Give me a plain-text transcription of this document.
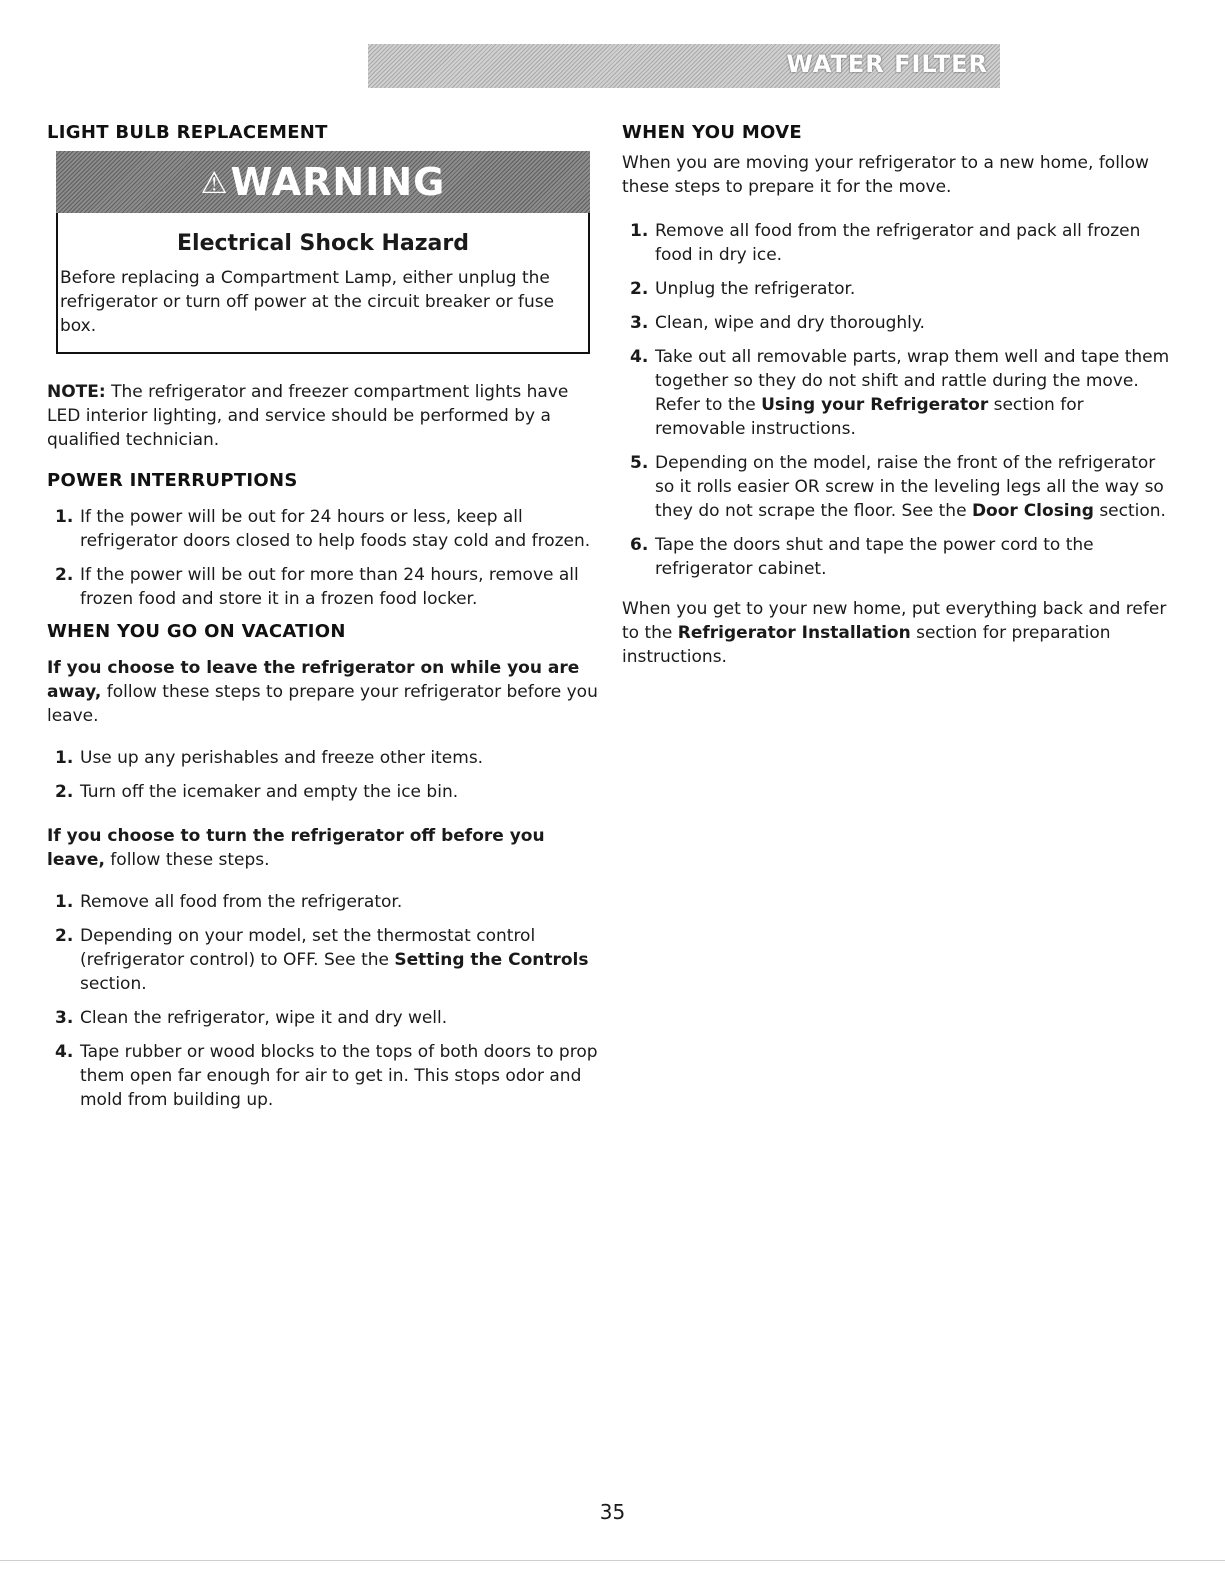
WATER FILTER
LIGHT BULB REPLACEMENT
⚠WARNING
Electrical Shock Hazard

Before replacing a Compartment Lamp, either unplug the refrigerator or turn off power at the circuit breaker or fuse box.

NOTE: The refrigerator and freezer compartment lights have LED interior lighting, and service should be performed by a qualified technician.

POWER INTERRUPTIONS
1. If the power will be out for 24 hours or less, keep all refrigerator doors closed to help foods stay cold and frozen.
2. If the power will be out for more than 24 hours, remove all frozen food and store it in a frozen food locker.
WHEN YOU GO ON VACATION

If you choose to leave the refrigerator on while you are away, follow these steps to prepare your refrigerator before you leave.

1. Use up any perishables and freeze other items.
2. Turn off the icemaker and empty the ice bin.

If you choose to turn the refrigerator off before you leave, follow these steps.

1. Remove all food from the refrigerator.
2. Depending on your model, set the thermostat control (refrigerator control) to OFF. See the Setting the Controls section.
3. Clean the refrigerator, wipe it and dry well.
4. Tape rubber or wood blocks to the tops of both doors to prop them open far enough for air to get in. This stops odor and mold from building up.
WHEN YOU MOVE

When you are moving your refrigerator to a new home, follow these steps to prepare it for the move.

1. Remove all food from the refrigerator and pack all frozen food in dry ice.
2. Unplug the refrigerator.
3. Clean, wipe and dry thoroughly.
4. Take out all removable parts, wrap them well and tape them together so they do not shift and rattle during the move. Refer to the Using your Refrigerator section for removable instructions.
5. Depending on the model, raise the front of the refrigerator so it rolls easier OR screw in the leveling legs all the way so they do not scrape the floor. See the Door Closing section.
6. Tape the doors shut and tape the power cord to the refrigerator cabinet.

When you get to your new home, put everything back and refer to the Refrigerator Installation section for preparation instructions.

35
